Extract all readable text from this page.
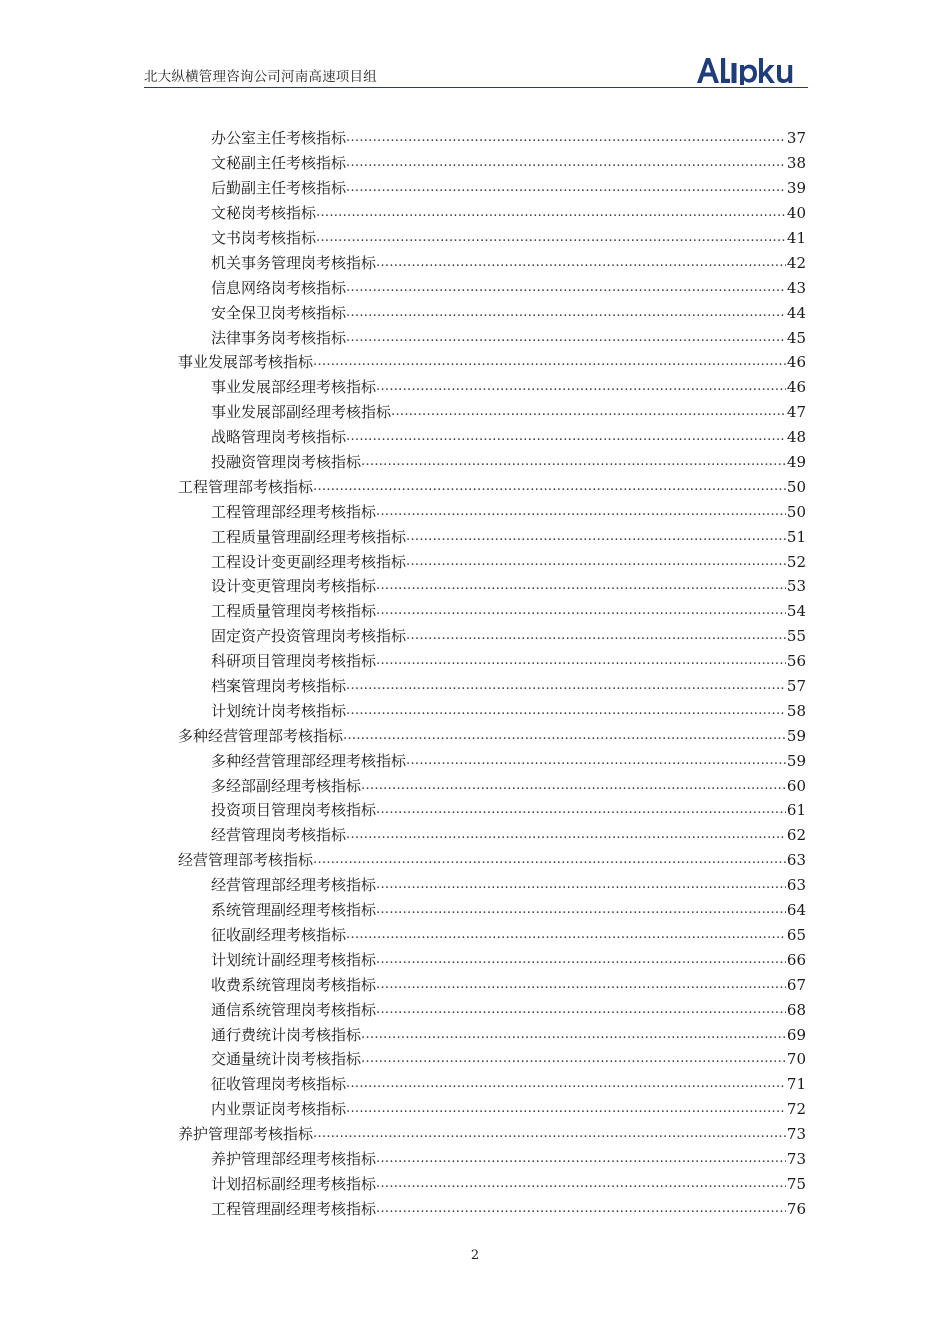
北大纵横管理咨询公司河南高速项目组
办公室主任考核指标 .....	37
文秘副主任考核指标 .....	38
后勤副主任考核指标 .....	39
文秘岗考核指标 .....	40
文书岗考核指标 .....	41
机关事务管理岗考核指标 .....	42
信息网络岗考核指标 .....	43
安全保卫岗考核指标 .....	44
法律事务岗考核指标 .....	45
事业发展部考核指标 .....	46
事业发展部经理考核指标 .....	46
事业发展部副经理考核指标 .....	47
战略管理岗考核指标 .....	48
投融资管理岗考核指标 .....	49
工程管理部考核指标 .....	50
工程管理部经理考核指标 .....	50
工程质量管理副经理考核指标 .....	51
工程设计变更副经理考核指标 .....	52
设计变更管理岗考核指标 .....	53
工程质量管理岗考核指标 .....	54
固定资产投资管理岗考核指标 .....	55
科研项目管理岗考核指标 .....	56
档案管理岗考核指标 .....	57
计划统计岗考核指标 .....	58
多种经营管理部考核指标 .....	59
多种经营管理部经理考核指标 .....	59
多经部副经理考核指标 .....	60
投资项目管理岗考核指标 .....	61
经营管理岗考核指标 .....	62
经营管理部考核指标 .....	63
经营管理部经理考核指标 .....	63
系统管理副经理考核指标 .....	64
征收副经理考核指标 .....	65
计划统计副经理考核指标 .....	66
收费系统管理岗考核指标 .....	67
通信系统管理岗考核指标 .....	68
通行费统计岗考核指标 .....	69
交通量统计岗考核指标 .....	70
征收管理岗考核指标 .....	71
内业票证岗考核指标 .....	72
养护管理部考核指标 .....	73
养护管理部经理考核指标 .....	73
计划招标副经理考核指标 .....	75
工程管理副经理考核指标 .....	76
2
